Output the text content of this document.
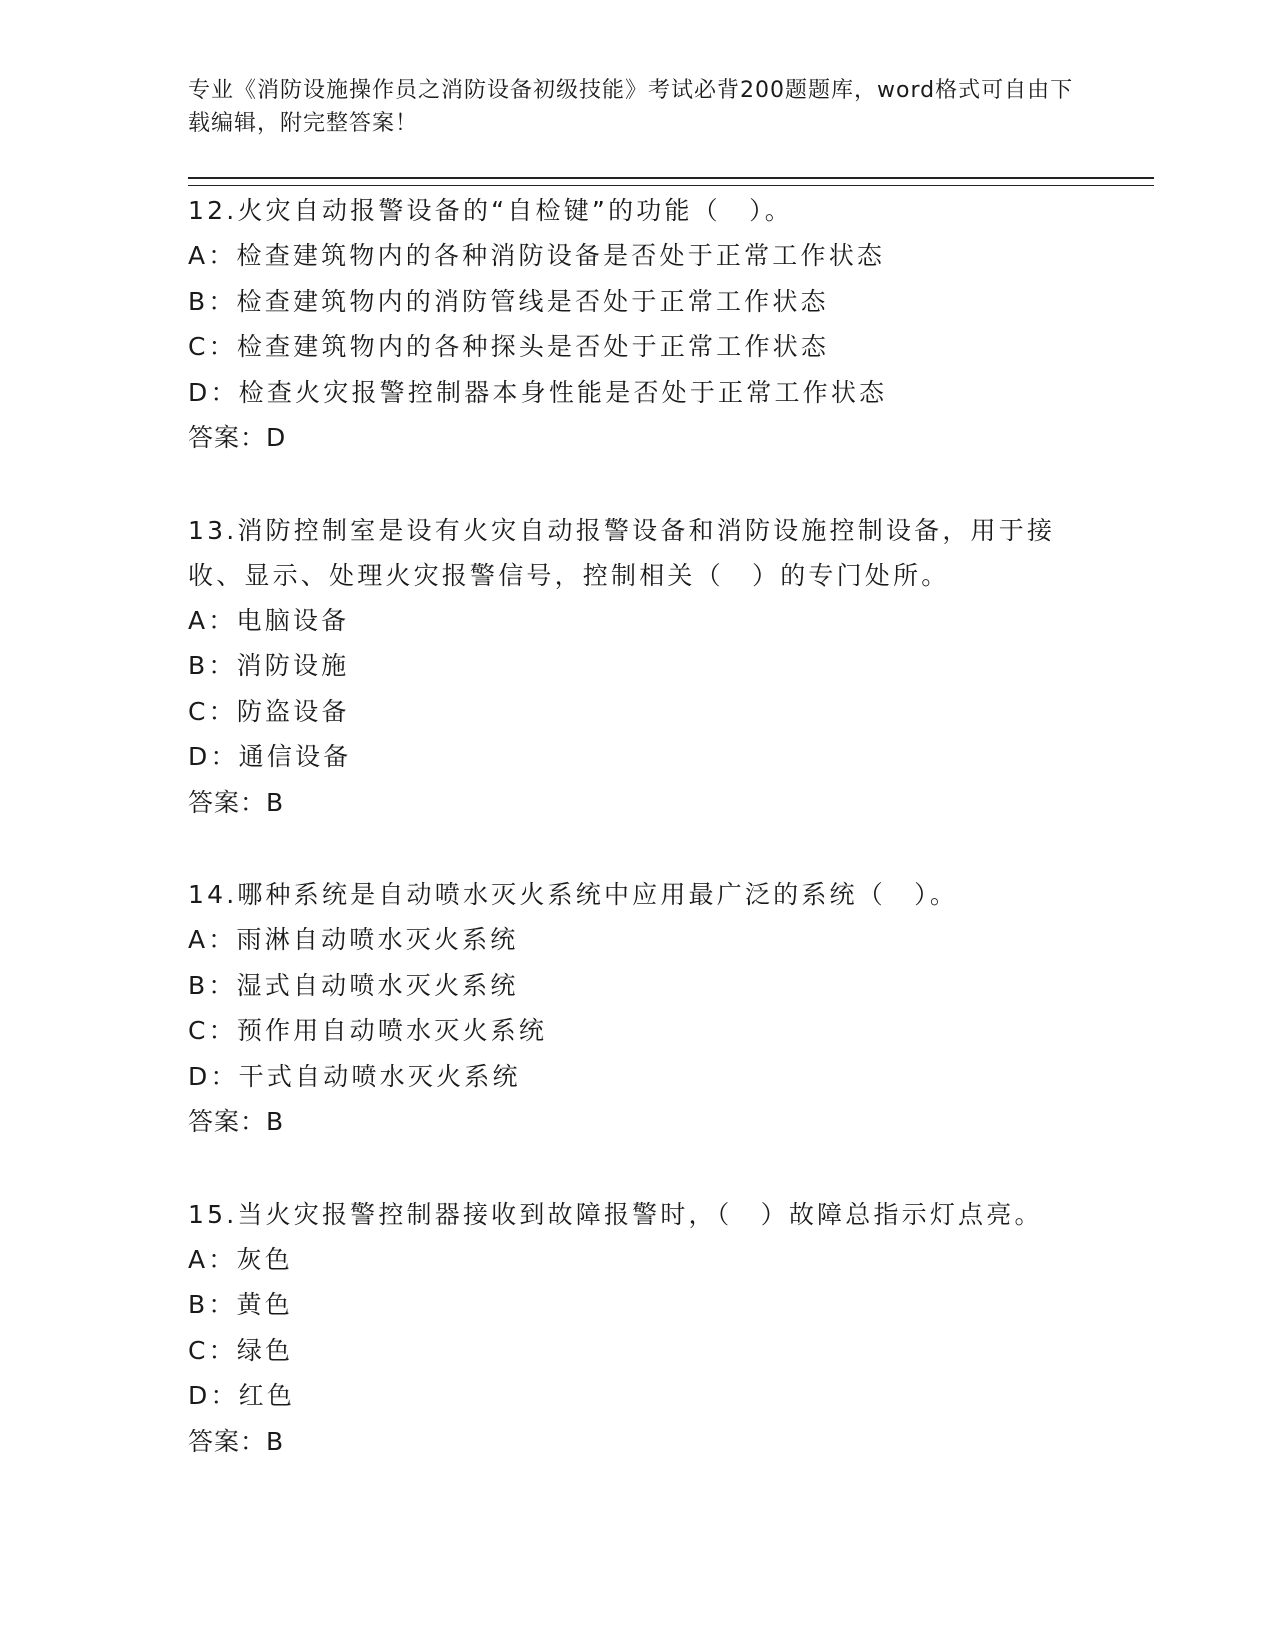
专业《消防设施操作员之消防设备初级技能》考试必背200题题库，word格式可自由下载编辑，附完整答案！
12.火灾自动报警设备的“自检键”的功能（　）。
A：检查建筑物内的各种消防设备是否处于正常工作状态
B：检查建筑物内的消防管线是否处于正常工作状态
C：检查建筑物内的各种探头是否处于正常工作状态
D：检查火灾报警控制器本身性能是否处于正常工作状态
答案：D
13.消防控制室是设有火灾自动报警设备和消防设施控制设备，用于接收、显示、处理火灾报警信号，控制相关（　）的专门处所。
A：电脑设备
B：消防设施
C：防盗设备
D：通信设备
答案：B
14.哪种系统是自动喷水灭火系统中应用最广泛的系统（　）。
A：雨淋自动喷水灭火系统
B：湿式自动喷水灭火系统
C：预作用自动喷水灭火系统
D：干式自动喷水灭火系统
答案：B
15.当火灾报警控制器接收到故障报警时，（　）故障总指示灯点亮。
A：灰色
B：黄色
C：绿色
D：红色
答案：B
